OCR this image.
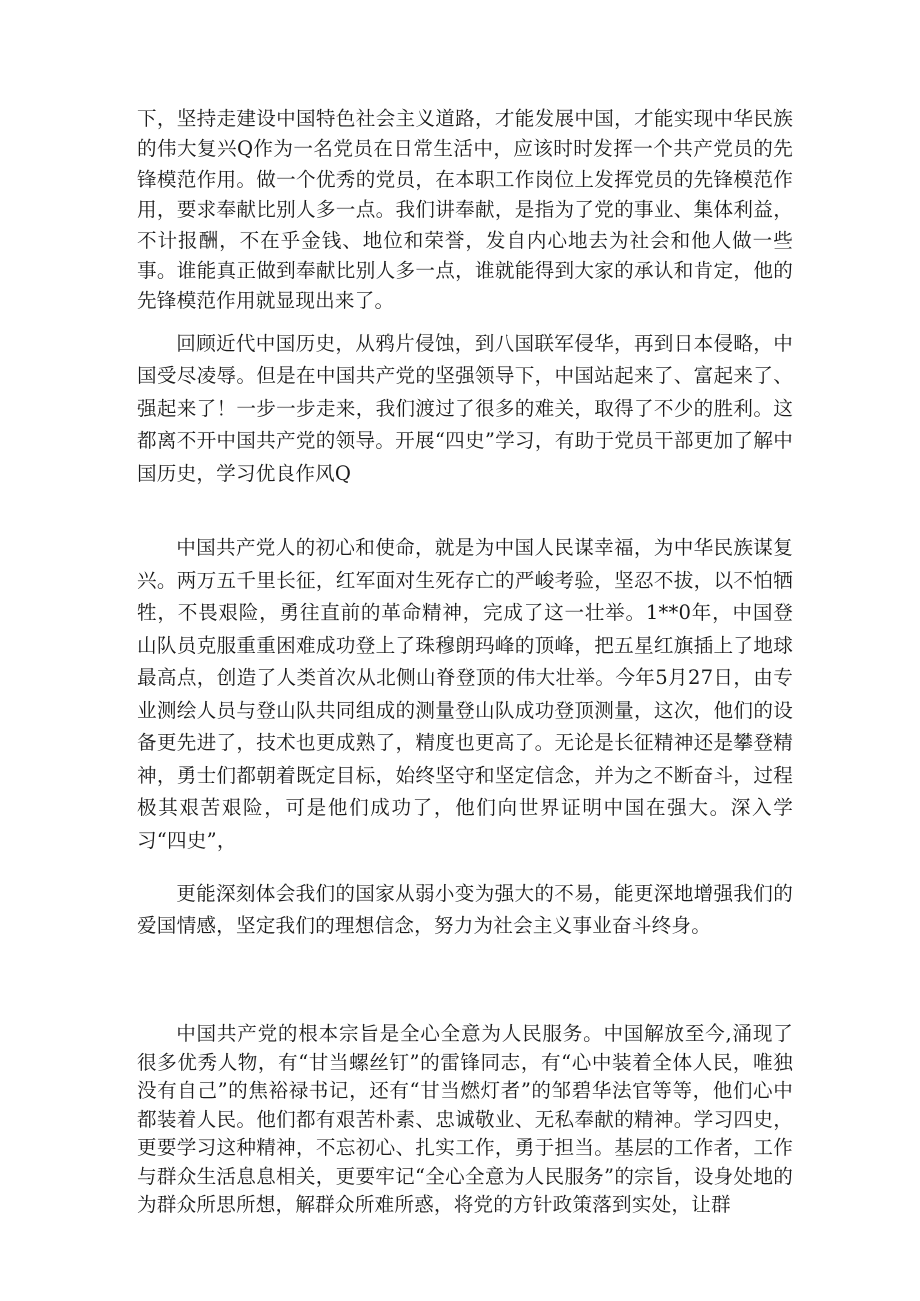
下，坚持走建设中国特色社会主义道路，才能发展中国，才能实现中华民族的伟大复兴Q作为一名党员在日常生活中，应该时时发挥一个共产党员的先锋模范作用。做一个优秀的党员，在本职工作岗位上发挥党员的先锋模范作用，要求奉献比别人多一点。我们讲奉献，是指为了党的事业、集体利益，不计报酬，不在乎金钱、地位和荣誉，发自内心地去为社会和他人做一些事。谁能真正做到奉献比别人多一点，谁就能得到大家的承认和肯定，他的先锋模范作用就显现出来了。

回顾近代中国历史，从鸦片侵蚀，到八国联军侵华，再到日本侵略，中国受尽凌辱。但是在中国共产党的坚强领导下，中国站起来了、富起来了、强起来了！一步一步走来，我们渡过了很多的难关，取得了不少的胜利。这都离不开中国共产党的领导。开展“四史”学习，有助于党员干部更加了解中国历史，学习优良作风Q

中国共产党人的初心和使命，就是为中国人民谋幸福，为中华民族谋复兴。两万五千里长征，红军面对生死存亡的严峻考验，坚忍不拔，以不怕牺牲，不畏艰险，勇往直前的革命精神，完成了这一壮举。1**0年，中国登山队员克服重重困难成功登上了珠穆朗玛峰的顶峰，把五星红旗插上了地球最高点，创造了人类首次从北侧山脊登顶的伟大壮举。今年5月27日，由专业测绘人员与登山队共同组成的测量登山队成功登顶测量，这次，他们的设备更先进了，技术也更成熟了，精度也更高了。无论是长征精神还是攀登精神，勇士们都朝着既定目标，始终坚守和坚定信念，并为之不断奋斗，过程极其艰苦艰险，可是他们成功了，他们向世界证明中国在强大。深入学习“四史”，

更能深刻体会我们的国家从弱小变为强大的不易，能更深地增强我们的爱国情感，坚定我们的理想信念，努力为社会主义事业奋斗终身。

中国共产党的根本宗旨是全心全意为人民服务。中国解放至今,涌现了很多优秀人物，有“甘当螺丝钉”的雷锋同志，有“心中装着全体人民，唯独没有自己”的焦裕禄书记，还有“甘当燃灯者”的邹碧华法官等等，他们心中都装着人民。他们都有艰苦朴素、忠诚敬业、无私奉献的精神。学习四史，更要学习这种精神，不忘初心、扎实工作，勇于担当。基层的工作者，工作与群众生活息息相关，更要牢记“全心全意为人民服务”的宗旨，设身处地的为群众所思所想，解群众所难所惑，将党的方针政策落到实处，让群
